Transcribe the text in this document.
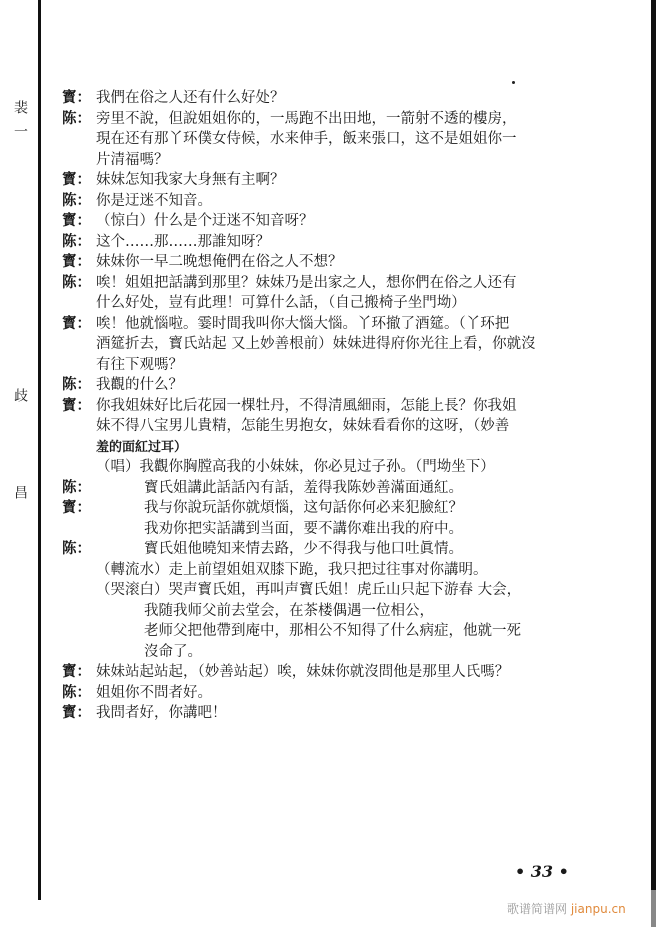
裴一
歧
昌
寳： 我們在俗之人还有什么好处？
陈： 旁里不說，但說姐姐你的，一馬跑不出田地，一箭射不透的樓房，
現在还有那丫环僕女侍候，水来伸手，飯来張口，这不是姐姐你一
片清福嗎？
寳： 妹妹怎知我家大身無有主啊？
陈： 你是迂迷不知音。
寳： （惊白）什么是个迂迷不知音呀？
陈： 这个……那……那誰知呀？
寳： 妹妹你一早二晚想俺們在俗之人不想？
陈： 唉！姐姐把話講到那里？妹妹乃是出家之人，想你們在俗之人还有
什么好处，豈有此理！可算什么話，（自己搬椅子坐門坳）
寳： 唉！他就惱啦。霎时間我叫你大惱大惱。丫环撤了酒筵。（丫环把
酒筵折去，寳氏站起 又上妙善根前）妹妹进得府你光往上看，你就沒
有往下观嗎？
陈： 我觀的什么？
寳： 你我姐妹好比后花园一棵牡丹，不得清風細雨，怎能上長？你我姐
妹不得八宝男儿貴精，怎能生男抱女，妹妹看看你的这呀，（妙善
羞的面紅过耳）
（唱）我觀你胸膛高我的小妹妹，你必見过子孙。（門坳坐下）
陈：	寳氏姐講此話話內有話，羞得我陈妙善滿面通紅。
寳：	我与你說玩話你就煩惱，这句話你何必来犯臉紅？
我劝你把实話講到当面，要不講你难出我的府中。
陈：	寳氏姐他曉知来情去路，少不得我与他口吐眞情。
（轉流水）走上前望姐姐双膝下跪，我只把过往事对你講明。
（哭滚白）哭声寳氏姐，再叫声寳氏姐！虎丘山只起下游春 大会，
我随我师父前去堂会，在茶楼偶遇一位相公，
老师父把他帶到庵中，那相公不知得了什么病症，他就一死
沒命了。
寳： 妹妹站起站起，（妙善站起）唉，妹妹你就沒問他是那里人氏嗎？
陈： 姐姐你不問者好。
寳： 我問者好，你講吧！
• 33 •
歌谱简谱网 jianpu.cn
